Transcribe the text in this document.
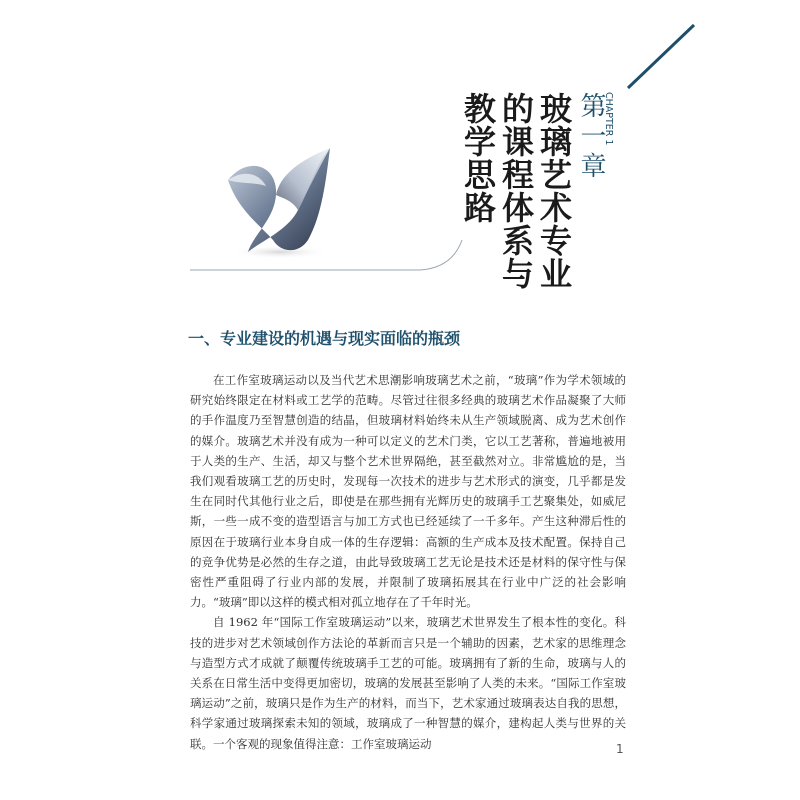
CHAPTER 1
第一章
玻璃艺术专业
的课程体系与
教学思路
一、专业建设的机遇与现实面临的瓶颈

在工作室玻璃运动以及当代艺术思潮影响玻璃艺术之前，“玻璃”作为学术领域的研究始终限定在材料或工艺学的范畴。尽管过往很多经典的玻璃艺术作品凝聚了大师的手作温度乃至智慧创造的结晶，但玻璃材料始终未从生产领域脱离、成为艺术创作的媒介。玻璃艺术并没有成为一种可以定义的艺术门类，它以工艺著称，普遍地被用于人类的生产、生活，却又与整个艺术世界隔绝，甚至截然对立。非常尴尬的是，当我们观看玻璃工艺的历史时，发现每一次技术的进步与艺术形式的演变，几乎都是发生在同时代其他行业之后，即使是在那些拥有光辉历史的玻璃手工艺聚集处，如威尼斯，一些一成不变的造型语言与加工方式也已经延续了一千多年。产生这种滞后性的原因在于玻璃行业本身自成一体的生存逻辑：高额的生产成本及技术配置。保持自己的竞争优势是必然的生存之道，由此导致玻璃工艺无论是技术还是材料的保守性与保密性严重阻碍了行业内部的发展，并限制了玻璃拓展其在行业中广泛的社会影响力。“玻璃”即以这样的模式相对孤立地存在了千年时光。

自 1962 年“国际工作室玻璃运动”以来，玻璃艺术世界发生了根本性的变化。科技的进步对艺术领域创作方法论的革新而言只是一个辅助的因素，艺术家的思维理念与造型方式才成就了颠覆传统玻璃手工艺的可能。玻璃拥有了新的生命，玻璃与人的关系在日常生活中变得更加密切，玻璃的发展甚至影响了人类的未来。“国际工作室玻璃运动”之前，玻璃只是作为生产的材料，而当下，艺术家通过玻璃表达自我的思想，科学家通过玻璃探索未知的领域，玻璃成了一种智慧的媒介，建构起人类与世界的关联。一个客观的现象值得注意：工作室玻璃运动	1
